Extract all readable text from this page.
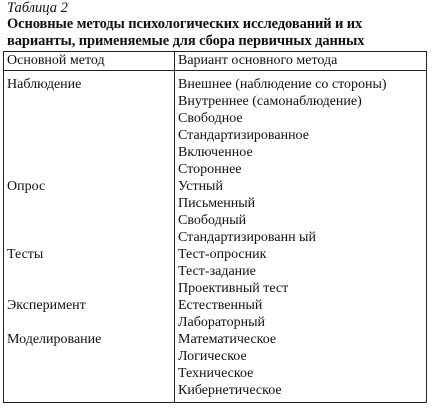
Таблица 2
Основные методы психологических исследований и их
варианты, применяемые для сбора первичных данных
Основной метод	Вариант основного метода
Наблюдение
Опрос
Тесты
Эксперимент
Моделирование
Внешнее (наблюдение со стороны)
Внутреннее (самонаблюдение)
Свободное
Стандартизированное
Включенное
Стороннее
Устный
Письменный
Свободный
Стандартизированн ый
Тест-опросник
Тест-задание
Проективный тест
Естественный
Лабораторный
Математическое
Логическое
Техническое
Кибернетическое
